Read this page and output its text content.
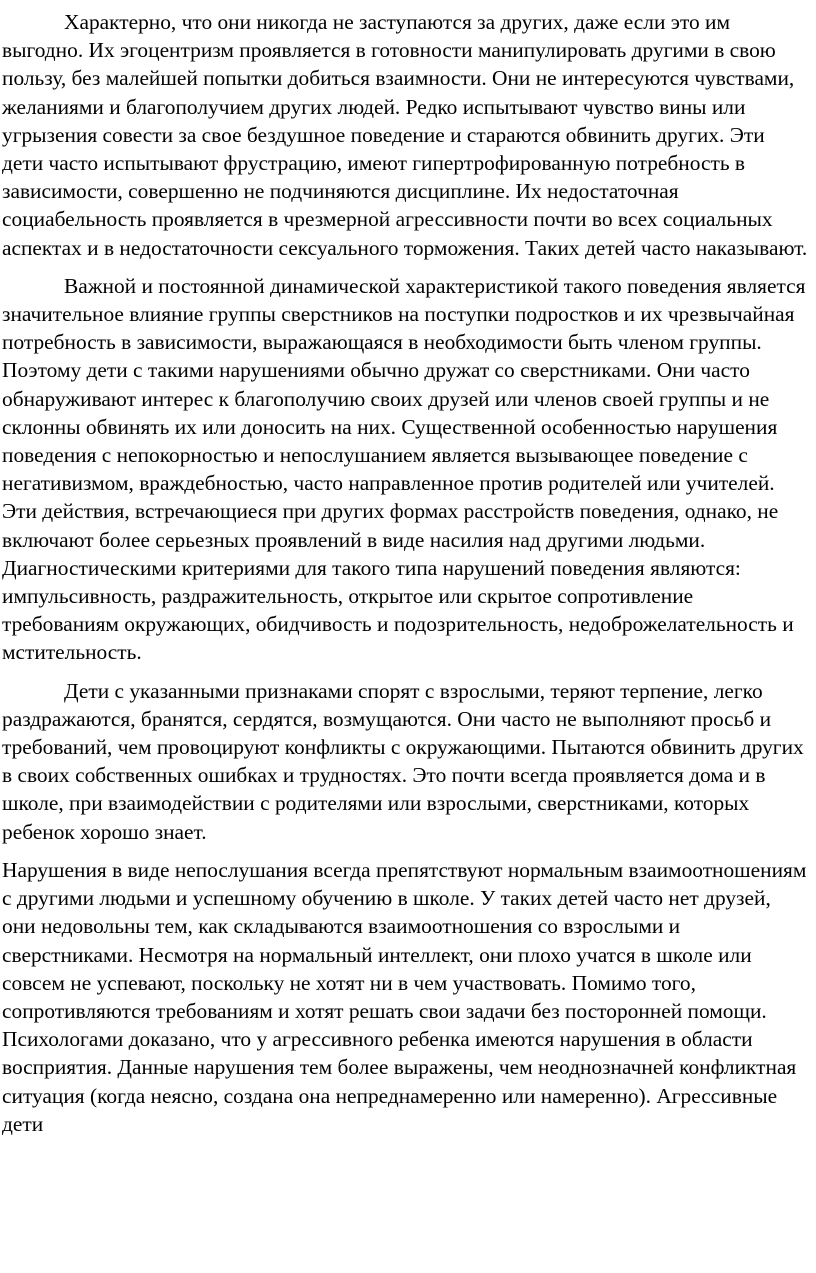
Характерно, что они никогда не заступаются за других, даже если это им выгодно. Их эгоцентризм проявляется в готовности манипулировать другими в свою пользу, без малейшей попытки добиться взаимности. Они не интересуются чувствами, желаниями и благополучием других людей. Редко испытывают чувство вины или угрызения совести за свое бездушное поведение и стараются обвинить других. Эти дети часто испытывают фрустрацию, имеют гипертрофированную потребность в зависимости, совершенно не подчиняются дисциплине. Их недостаточная социабельность проявляется в чрезмерной агрессивности почти во всех социальных аспектах и в недостаточности сексуального торможения. Таких детей часто наказывают.

Важной и постоянной динамической характеристикой такого поведения является значительное влияние группы сверстников на поступки подростков и их чрезвычайная потребность в зависимости, выражающаяся в необходимости быть членом группы. Поэтому дети с такими нарушениями обычно дружат со сверстниками. Они часто обнаруживают интерес к благополучию своих друзей или членов своей группы и не склонны обвинять их или доносить на них. Существенной особенностью нарушения поведения с непокорностью и непослушанием является вызывающее поведение с негативизмом, враждебностью, часто направленное против родителей или учителей. Эти действия, встречающиеся при других формах расстройств поведения, однако, не включают более серьезных проявлений в виде насилия над другими людьми. Диагностическими критериями для такого типа нарушений поведения являются: импульсивность, раздражительность, открытое или скрытое сопротивление требованиям окружающих, обидчивость и подозрительность, недоброжелательность и мстительность.

Дети с указанными признаками спорят с взрослыми, теряют терпение, легко раздражаются, бранятся, сердятся, возмущаются. Они часто не выполняют просьб и требований, чем провоцируют конфликты с окружающими. Пытаются обвинить других в своих собственных ошибках и трудностях. Это почти всегда проявляется дома и в школе, при взаимодействии с родителями или взрослыми, сверстниками, которых ребенок хорошо знает.

Нарушения в виде непослушания всегда препятствуют нормальным взаимоотношениям с другими людьми и успешному обучению в школе. У таких детей часто нет друзей, они недовольны тем, как складываются взаимоотношения со взрослыми и сверстниками. Несмотря на нормальный интеллект, они плохо учатся в школе или совсем не успевают, поскольку не хотят ни в чем участвовать. Помимо того, сопротивляются требованиям и хотят решать свои задачи без посторонней помощи. Психологами доказано, что у агрессивного ребенка имеются нарушения в области восприятия. Данные нарушения тем более выражены, чем неоднозначней конфликтная ситуация (когда неясно, создана она непреднамеренно или намеренно). Агрессивные дети
